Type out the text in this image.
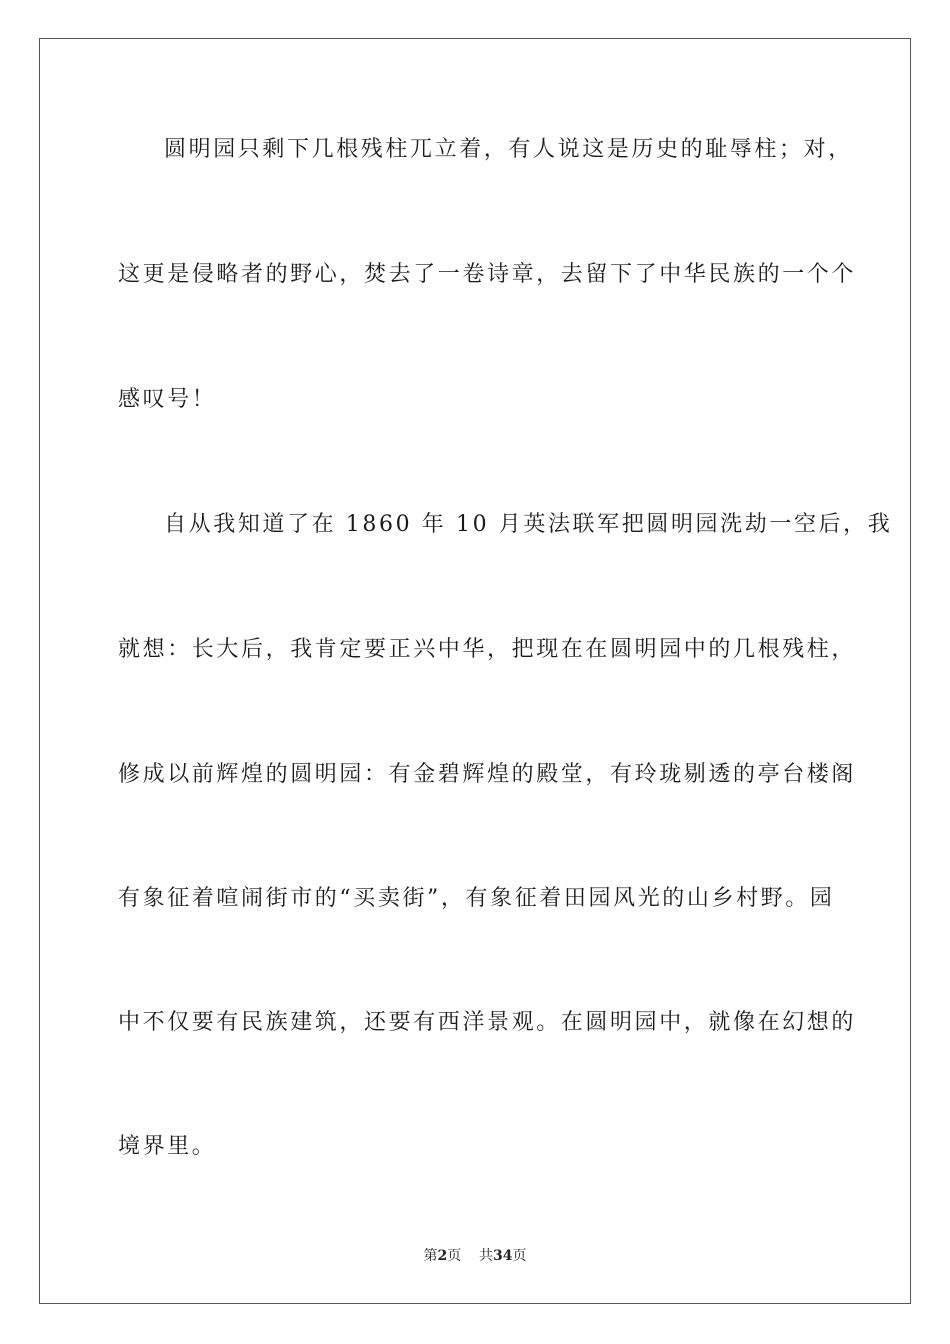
圆明园只剩下几根残柱兀立着，有人说这是历史的耻辱柱；对，
这更是侵略者的野心，焚去了一卷诗章，去留下了中华民族的一个个
感叹号！
自从我知道了在 1860 年 10 月英法联军把圆明园洗劫一空后，我
就想：长大后，我肯定要正兴中华，把现在在圆明园中的几根残柱，
修成以前辉煌的圆明园：有金碧辉煌的殿堂，有玲珑剔透的亭台楼阁
有象征着喧闹街市的“买卖街”，有象征着田园风光的山乡村野。园
中不仅要有民族建筑，还要有西洋景观。在圆明园中，就像在幻想的
境界里。
第2页 共34页
